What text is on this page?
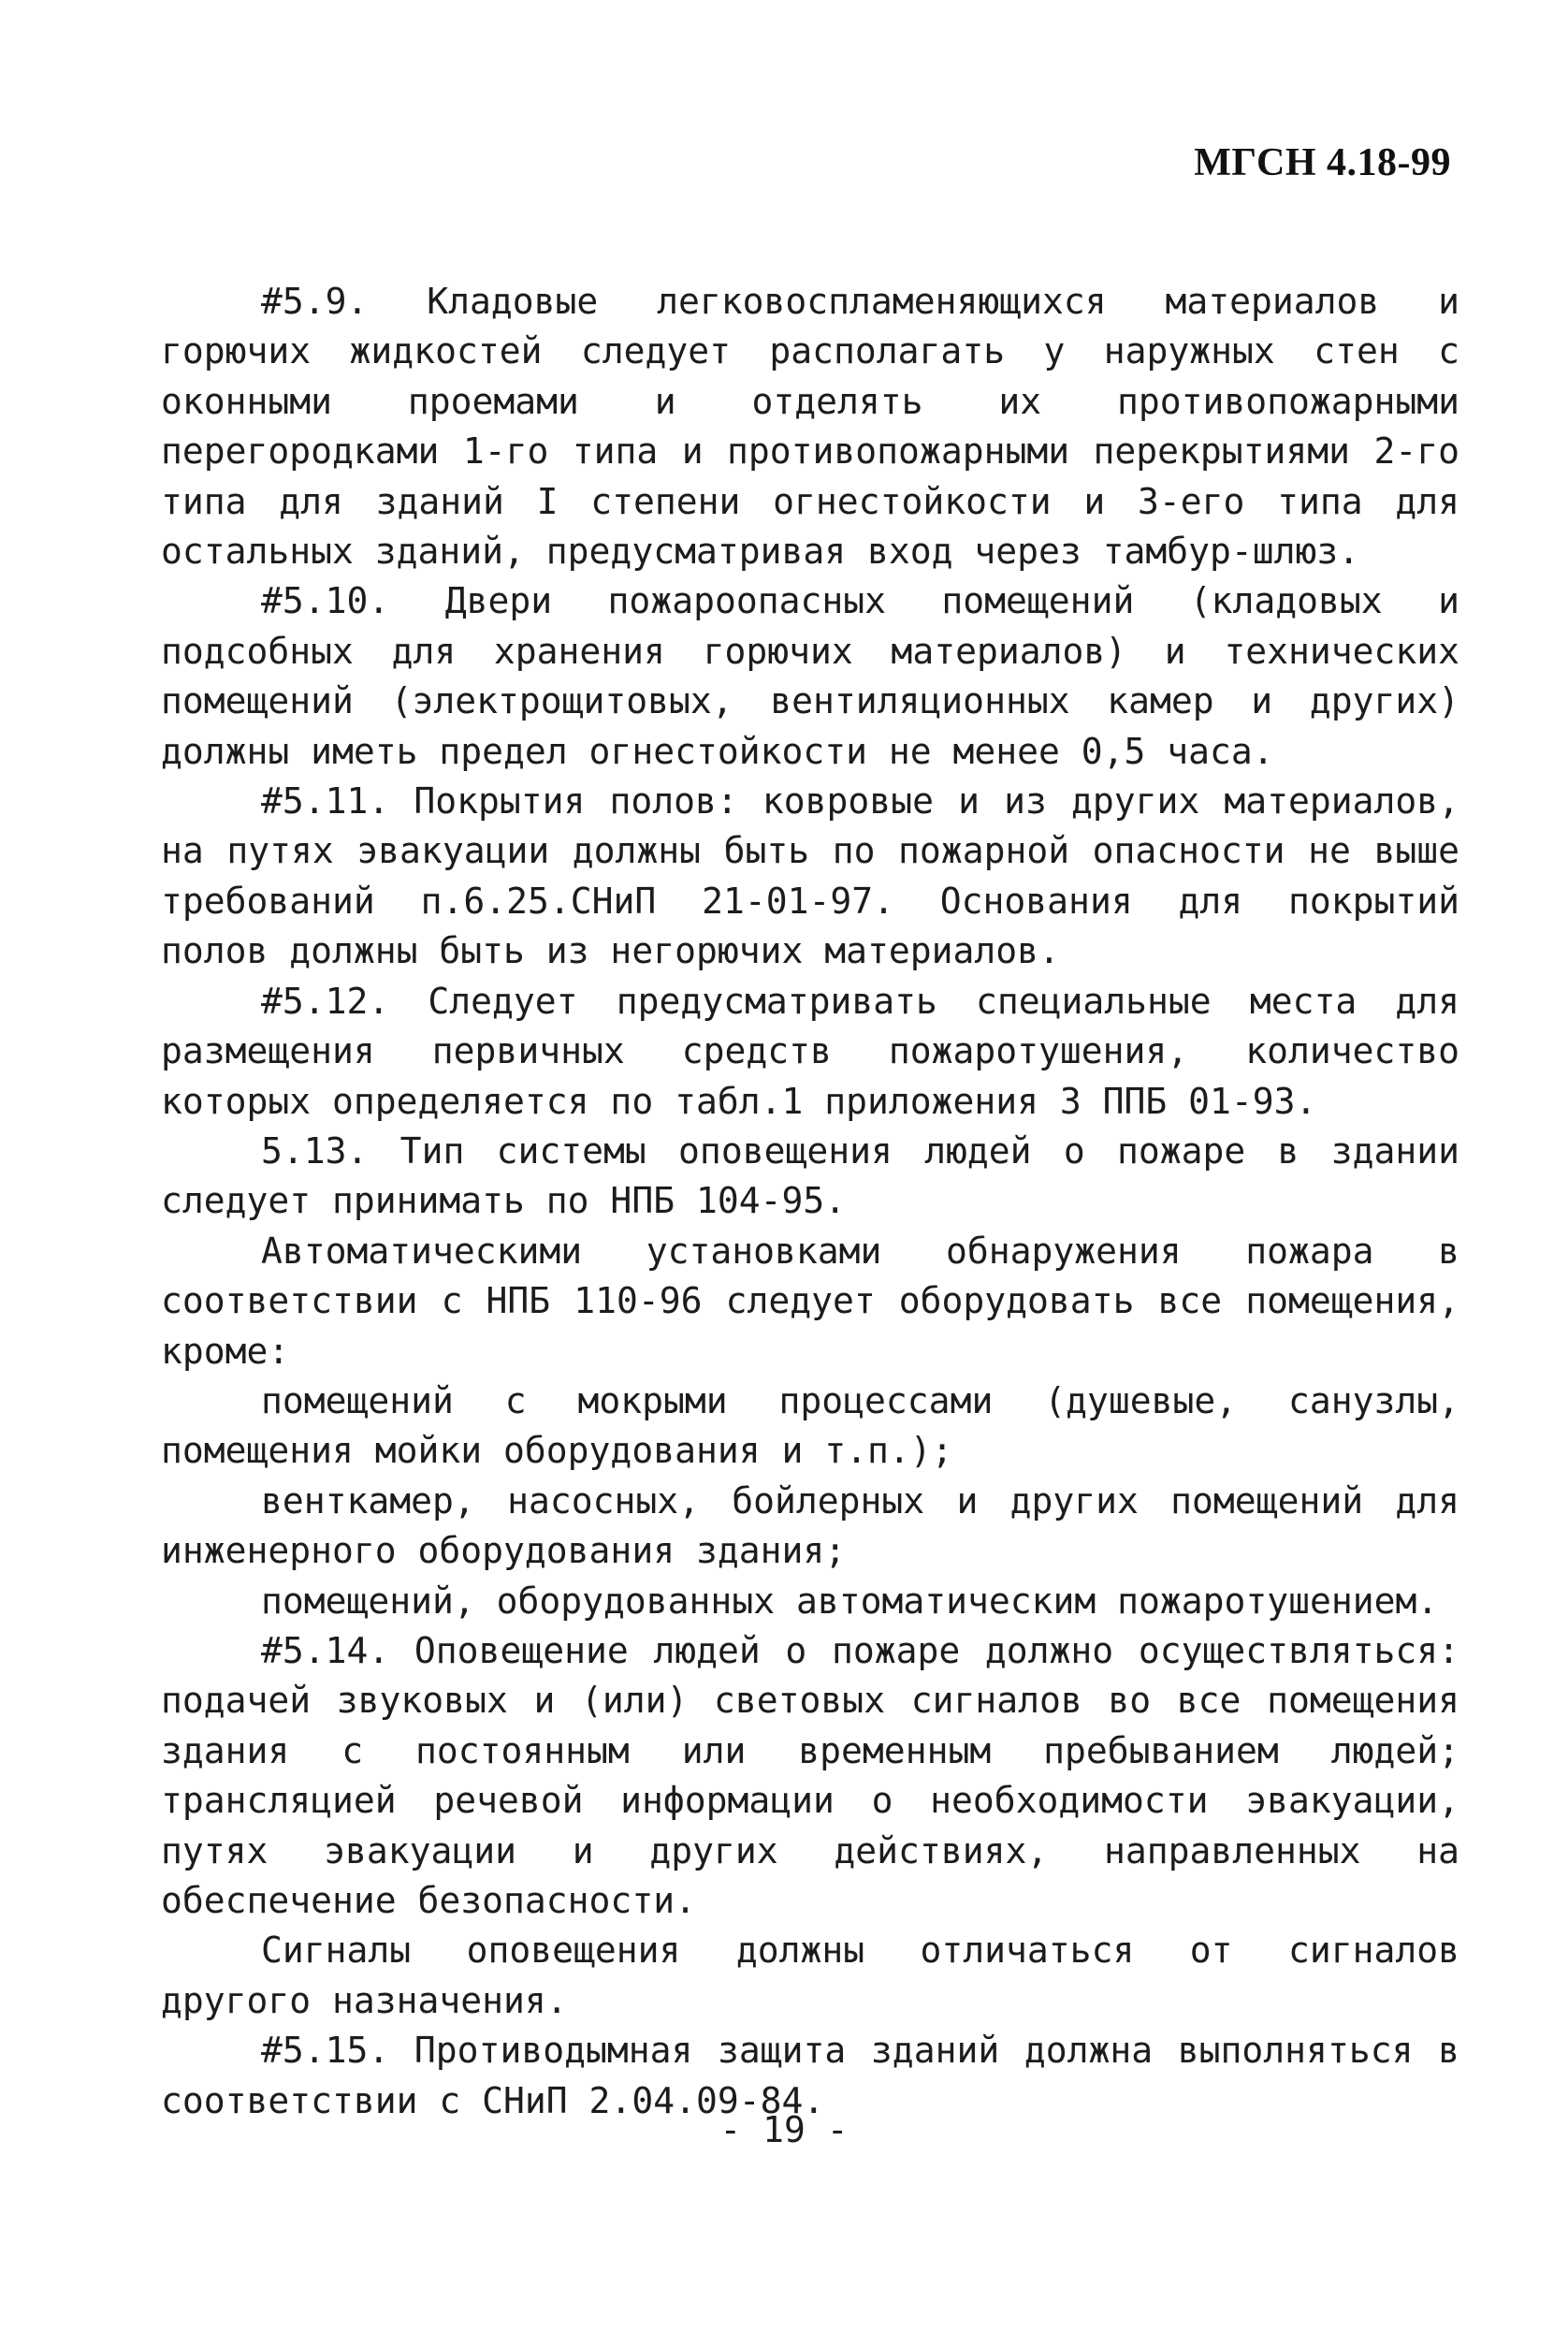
МГСН 4.18-99

#5.9. Кладовые легковоспламеняющихся материалов и горючих жидкостей следует располагать у наружных стен с оконными проемами и отделять их противопожарными перегородками 1-го типа и противопожарными перекрытиями 2-го типа для зданий I степени огнестойкости и 3-его типа для остальных зданий, предусматривая вход через тамбур-шлюз.

#5.10. Двери пожароопасных помещений (кладовых и подсобных для хранения горючих материалов) и технических помещений (электрощитовых, вентиляционных камер и других) должны иметь предел огнестойкости не менее 0,5 часа.

#5.11. Покрытия полов: ковровые и из других материалов, на путях эвакуации должны быть по пожарной опасности не выше требований п.6.25.СНиП 21-01-97. Основания для покрытий полов должны быть из негорючих материалов.

#5.12. Следует предусматривать специальные места для размещения первичных средств пожаротушения, количество которых определяется по табл.1 приложения 3 ППБ 01-93.

5.13. Тип системы оповещения людей о пожаре в здании следует принимать по НПБ 104-95.

Автоматическими установками обнаружения пожара в соответствии с НПБ 110-96 следует оборудовать все помещения, кроме:

помещений с мокрыми процессами (душевые, санузлы, помещения мойки оборудования и т.п.);

венткамер, насосных, бойлерных и других помещений для инженерного оборудования здания;

помещений, оборудованных автоматическим пожаротушением.

#5.14. Оповещение людей о пожаре должно осуществляться: подачей звуковых и (или) световых сигналов во все помещения здания с постоянным или временным пребыванием людей; трансляцией речевой информации о необходимости эвакуации, путях эвакуации и других действиях, направленных на обеспечение безопасности.

Сигналы оповещения должны отличаться от сигналов другого назначения.

#5.15. Противодымная защита зданий должна выполняться в соответствии с СНиП 2.04.09-84.

- 19 -
